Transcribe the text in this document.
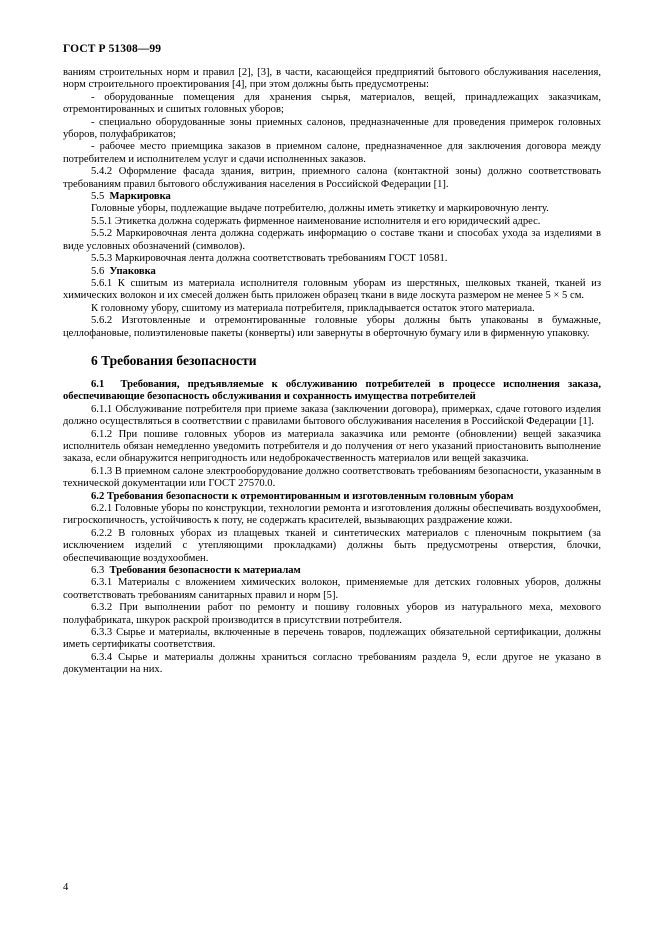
ГОСТ Р 51308—99

ваниям строительных норм и правил [2], [3], в части, касающейся предприятий бытового обслуживания населения, норм строительного проектирования [4], при этом должны быть предусмотрены:

- оборудованные помещения для хранения сырья, материалов, вещей, принадлежащих заказчикам, отремонтированных и сшитых головных уборов;

- специально оборудованные зоны приемных салонов, предназначенные для проведения примерок головных уборов, полуфабрикатов;

- рабочее место приемщика заказов в приемном салоне, предназначенное для заключения договора между потребителем и исполнителем услуг и сдачи исполненных заказов.

5.4.2 Оформление фасада здания, витрин, приемного салона (контактной зоны) должно соответствовать требованиям правил бытового обслуживания населения в Российской Федерации [1].

5.5 Маркировка

Головные уборы, подлежащие выдаче потребителю, должны иметь этикетку и маркировочную ленту.

5.5.1 Этикетка должна содержать фирменное наименование исполнителя и его юридический адрес.

5.5.2 Маркировочная лента должна содержать информацию о составе ткани и способах ухода за изделиями в виде условных обозначений (символов).

5.5.3 Маркировочная лента должна соответствовать требованиям ГОСТ 10581.

5.6 Упаковка

5.6.1 К сшитым из материала исполнителя головным уборам из шерстяных, шелковых тканей, тканей из химических волокон и их смесей должен быть приложен образец ткани в виде лоскута размером не менее 5 × 5 см.

К головному убору, сшитому из материала потребителя, прикладывается остаток этого материала.

5.6.2 Изготовленные и отремонтированные головные уборы должны быть упакованы в бумажные, целлофановые, полиэтиленовые пакеты (конверты) или завернуты в оберточную бумагу или в фирменную упаковку.

6 Требования безопасности

6.1 Требования, предъявляемые к обслуживанию потребителей в процессе исполнения заказа, обеспечивающие безопасность обслуживания и сохранность имущества потребителей

6.1.1 Обслуживание потребителя при приеме заказа (заключении договора), примерках, сдаче готового изделия должно осуществляться в соответствии с правилами бытового обслуживания населения в Российской Федерации [1].

6.1.2 При пошиве головных уборов из материала заказчика или ремонте (обновлении) вещей заказчика исполнитель обязан немедленно уведомить потребителя и до получения от него указаний приостановить выполнение заказа, если обнаружится непригодность или недоброкачественность материалов или вещей заказчика.

6.1.3 В приемном салоне электрооборудование должно соответствовать требованиям безопасности, указанным в технической документации или ГОСТ 27570.0.

6.2 Требования безопасности к отремонтированным и изготовленным головным уборам

6.2.1 Головные уборы по конструкции, технологии ремонта и изготовления должны обеспечивать воздухообмен, гигроскопичность, устойчивость к поту, не содержать красителей, вызывающих раздражение кожи.

6.2.2 В головных уборах из плащевых тканей и синтетических материалов с пленочным покрытием (за исключением изделий с утепляющими прокладками) должны быть предусмотрены отверстия, блочки, обеспечивающие воздухообмен.

6.3 Требования безопасности к материалам

6.3.1 Материалы с вложением химических волокон, применяемые для детских головных уборов, должны соответствовать требованиям санитарных правил и норм [5].

6.3.2 При выполнении работ по ремонту и пошиву головных уборов из натурального меха, мехового полуфабриката, шкурок раскрой производится в присутствии потребителя.

6.3.3 Сырье и материалы, включенные в перечень товаров, подлежащих обязательной сертификации, должны иметь сертификаты соответствия.

6.3.4 Сырье и материалы должны храниться согласно требованиям раздела 9, если другое не указано в документации на них.

4
